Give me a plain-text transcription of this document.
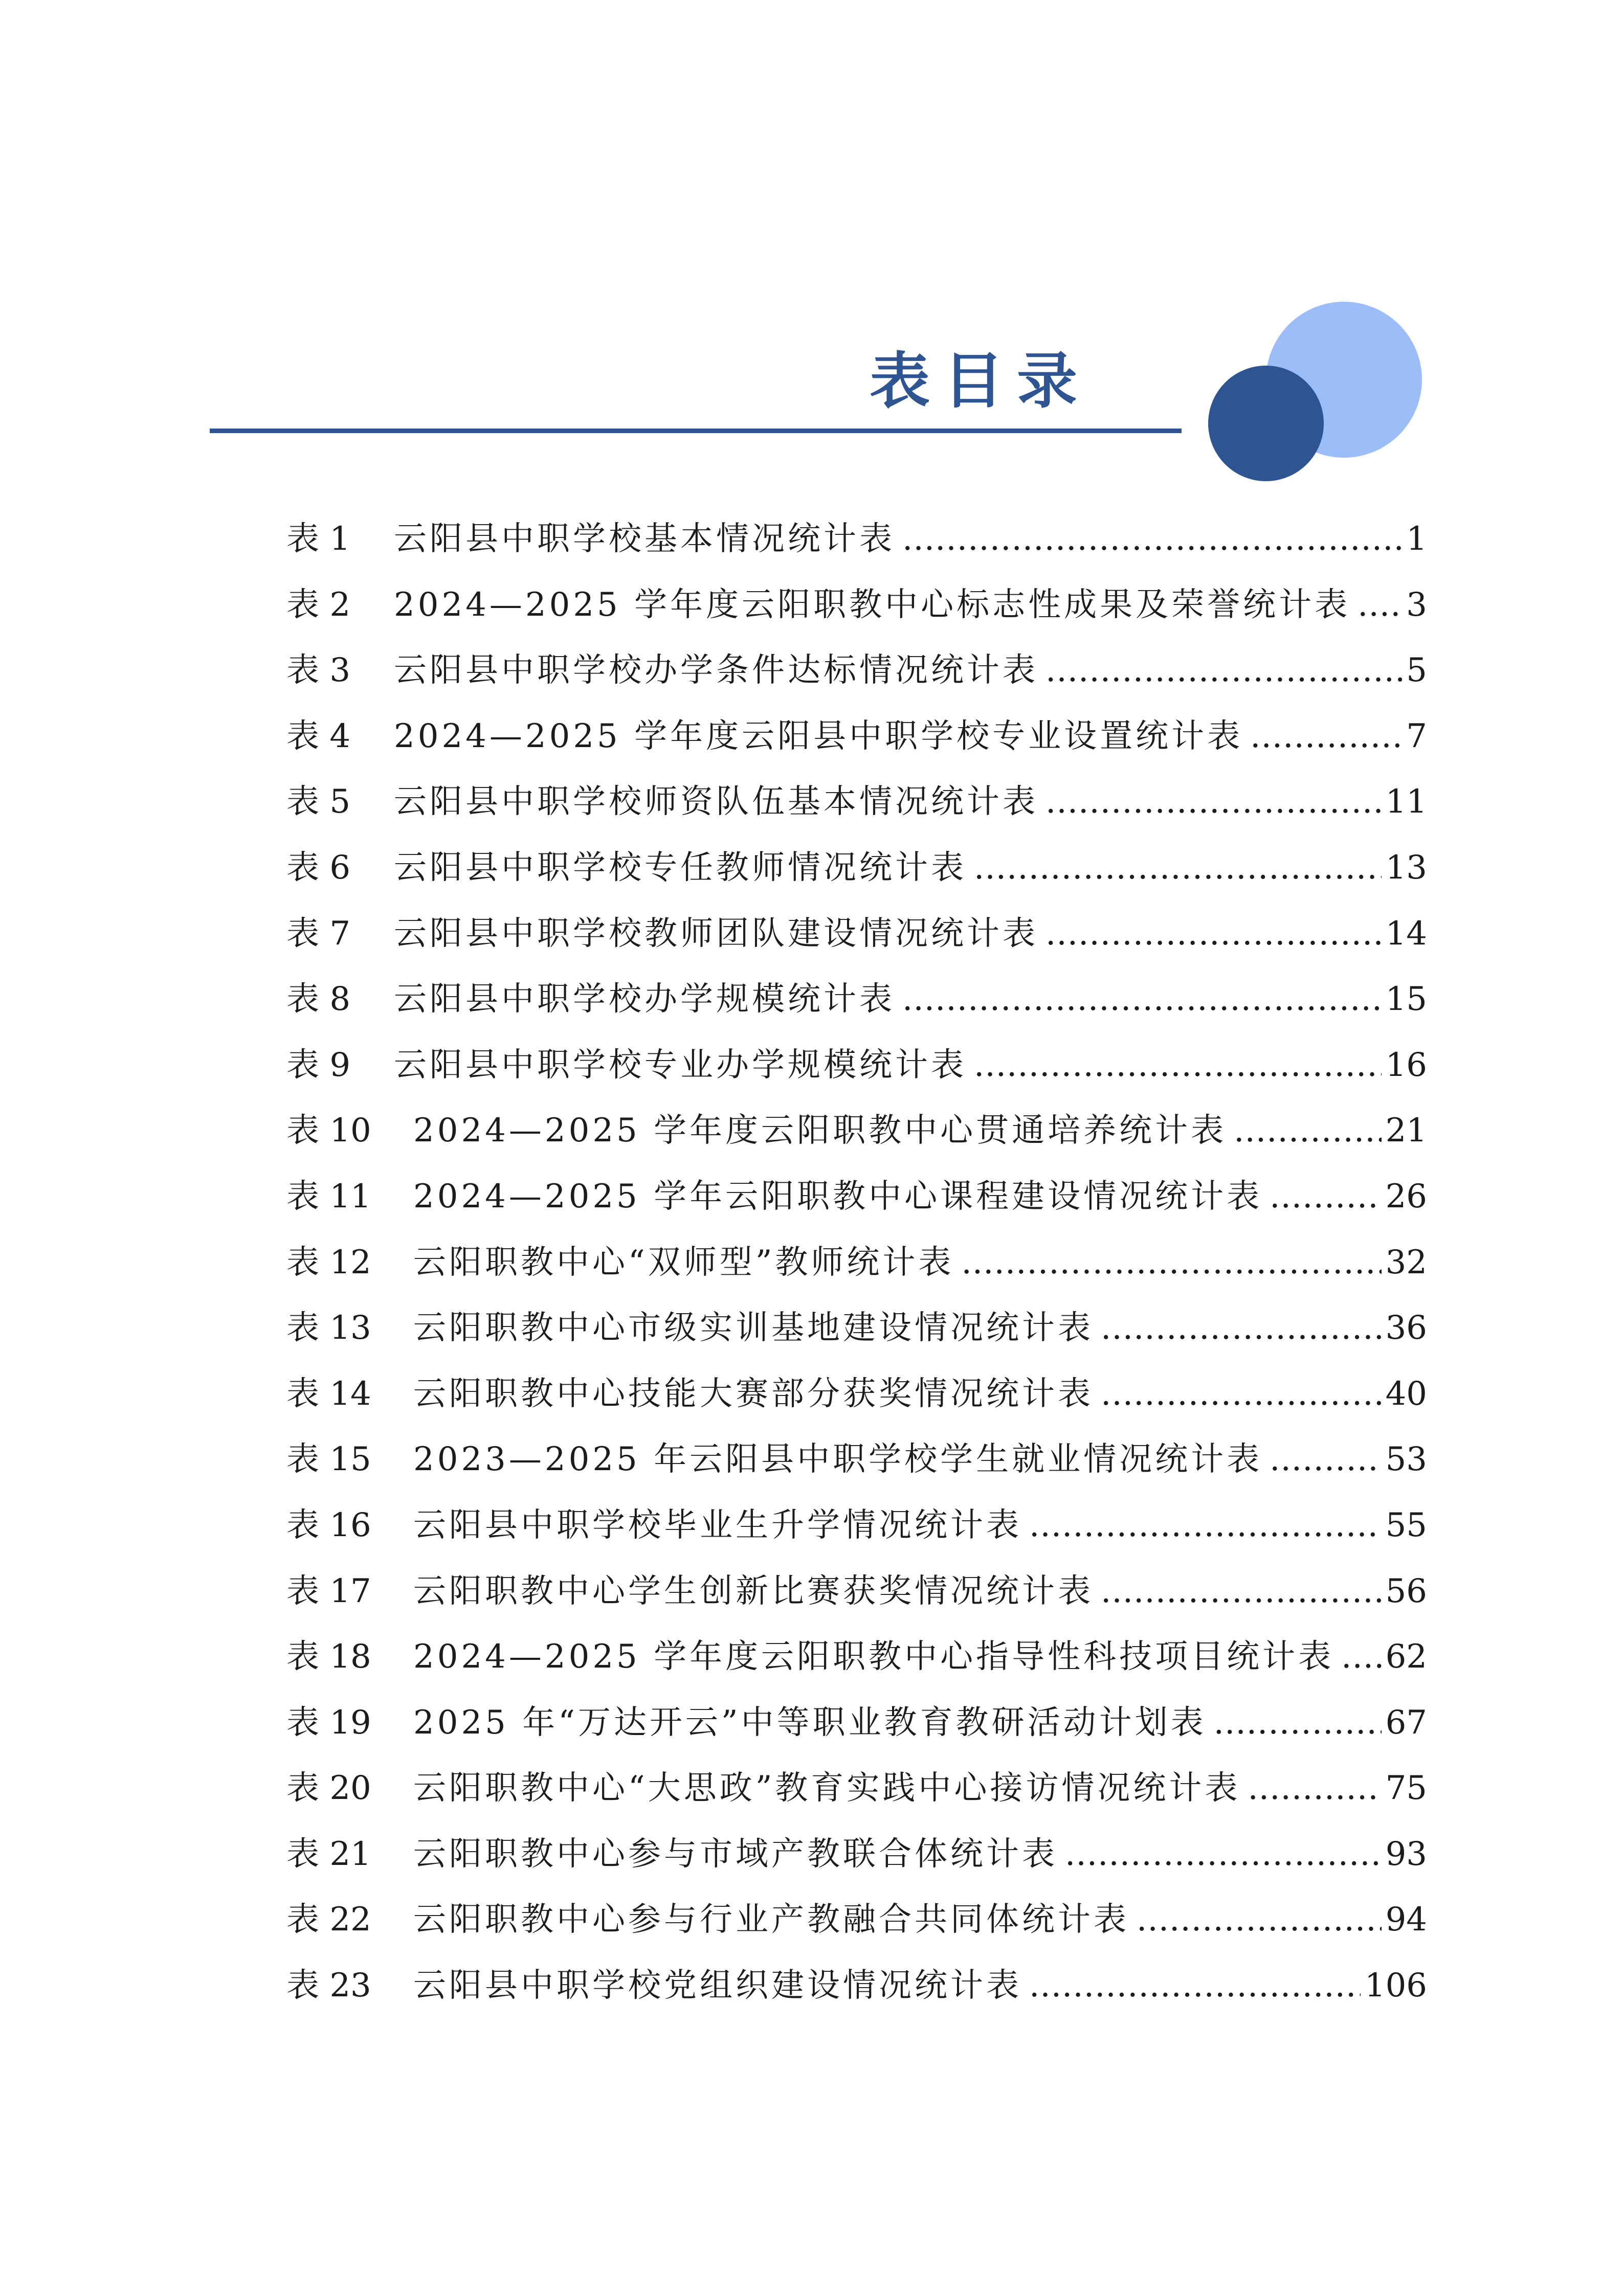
表目录
表 1	云阳县中职学校基本情况统计表 .....	1
表 2	2024—2025 学年度云阳职教中心标志性成果及荣誉统计表 ..... 3
表 3	云阳县中职学校办学条件达标情况统计表 .....	5
表 4	2024—2025 学年度云阳县中职学校专业设置统计表 .....	7
表 5	云阳县中职学校师资队伍基本情况统计表 .....	11
表 6	云阳县中职学校专任教师情况统计表 .....	13
表 7	云阳县中职学校教师团队建设情况统计表 .....	14
表 8	云阳县中职学校办学规模统计表 .....	15
表 9	云阳县中职学校专业办学规模统计表 .....	16
表 10	2024—2025 学年度云阳职教中心贯通培养统计表 .....	21
表 11	2024—2025 学年云阳职教中心课程建设情况统计表 .....	26
表 12	云阳职教中心“双师型”教师统计表 .....	32
表 13	云阳职教中心市级实训基地建设情况统计表 .....	36
表 14	云阳职教中心技能大赛部分获奖情况统计表 .....	40
表 15	2023—2025 年云阳县中职学校学生就业情况统计表 .....	53
表 16	云阳县中职学校毕业生升学情况统计表 .....	55
表 17	云阳职教中心学生创新比赛获奖情况统计表 .....	56
表 18	2024—2025 学年度云阳职教中心指导性科技项目统计表 ..... 62
表 19	2025 年“万达开云”中等职业教育教研活动计划表 .....	67
表 20	云阳职教中心“大思政”教育实践中心接访情况统计表 .....	75
表 21	云阳职教中心参与市域产教联合体统计表 .....	93
表 22	云阳职教中心参与行业产教融合共同体统计表 .....	94
表 23	云阳县中职学校党组织建设情况统计表 .....	106
